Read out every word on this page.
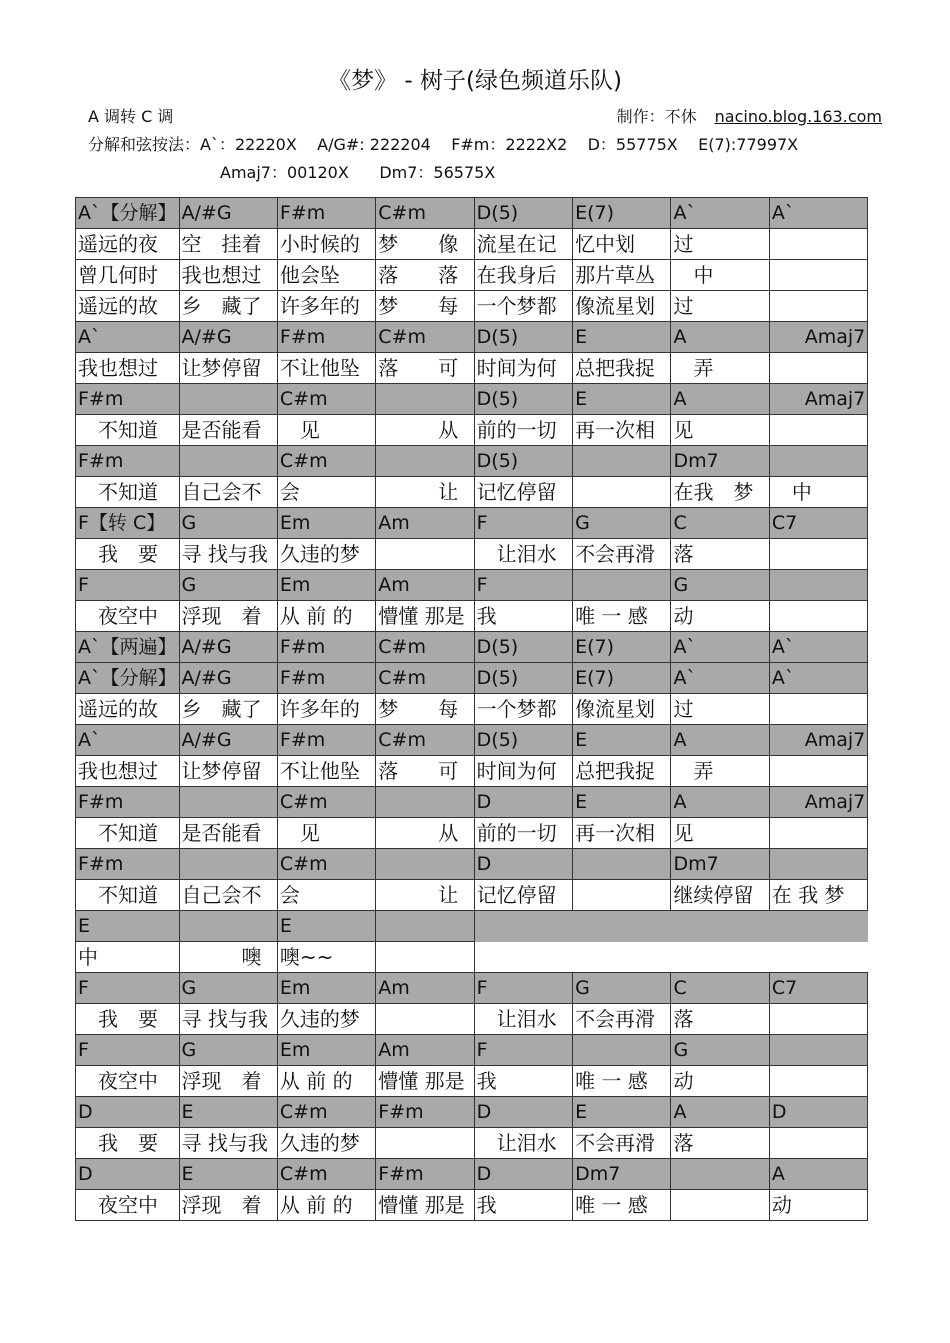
《梦》 - 树子(绿色频道乐队)
A 调转 C 调	制作：不休 nacino.blog.163.com
分解和弦按法：A`：22220X    A/G#: 222204    F#m：2222X2    D：55775X    E(7):77997X
Amaj7：00120X      Dm7：56575X
A`【分解】	A/#G	F#m	C#m	D(5)	E(7)	A`	A`
遥远的夜	空　挂着	小时候的	梦　　像	流星在记	忆中划	过	
曾几何时	我也想过	他会坠	落　　落	在我身后	那片草丛	　中	
遥远的故	乡　藏了	许多年的	梦　　每	一个梦都	像流星划	过	
A`	A/#G	F#m	C#m	D(5)	E	A	Amaj7
我也想过	让梦停留	不让他坠	落　　可	时间为何	总把我捉	　弄	
F#m		C#m		D(5)	E	A	Amaj7
　不知道	是否能看	　见	　　　从	前的一切	再一次相	见	
F#m		C#m		D(5)		Dm7	
　不知道	自己会不	会	　　　让	记忆停留		在我　梦	　中
F【转 C】	G	Em	Am	F	G	C	C7
　我　要	寻 找与我	久违的梦		　让泪水	不会再滑	落	
F	G	Em	Am	F		G	
　夜空中	浮现　着	从 前 的	懵懂 那是	我	唯 一 感	动	
A`【两遍】	A/#G	F#m	C#m	D(5)	E(7)	A`	A`
A`【分解】	A/#G	F#m	C#m	D(5)	E(7)	A`	A`
遥远的故	乡　藏了	许多年的	梦　　每	一个梦都	像流星划	过	
A`	A/#G	F#m	C#m	D(5)	E	A	Amaj7
我也想过	让梦停留	不让他坠	落　　可	时间为何	总把我捉	　弄	
F#m		C#m		D	E	A	Amaj7
　不知道	是否能看	　见	　　　从	前的一切	再一次相	见	
F#m		C#m		D		Dm7	
　不知道	自己会不	会	　　　让	记忆停留		继续停留	在 我 梦
E		E					
中	　　　噢	噢~~					
F	G	Em	Am	F	G	C	C7
　我　要	寻 找与我	久违的梦		　让泪水	不会再滑	落	
F	G	Em	Am	F		G	
　夜空中	浮现　着	从 前 的	懵懂 那是	我	唯 一 感	动	
D	E	C#m	F#m	D	E	A	D
　我　要	寻 找与我	久违的梦		　让泪水	不会再滑	落	
D	E	C#m	F#m	D	Dm7		A
　夜空中	浮现　着	从 前 的	懵懂 那是	我	唯 一 感		动
